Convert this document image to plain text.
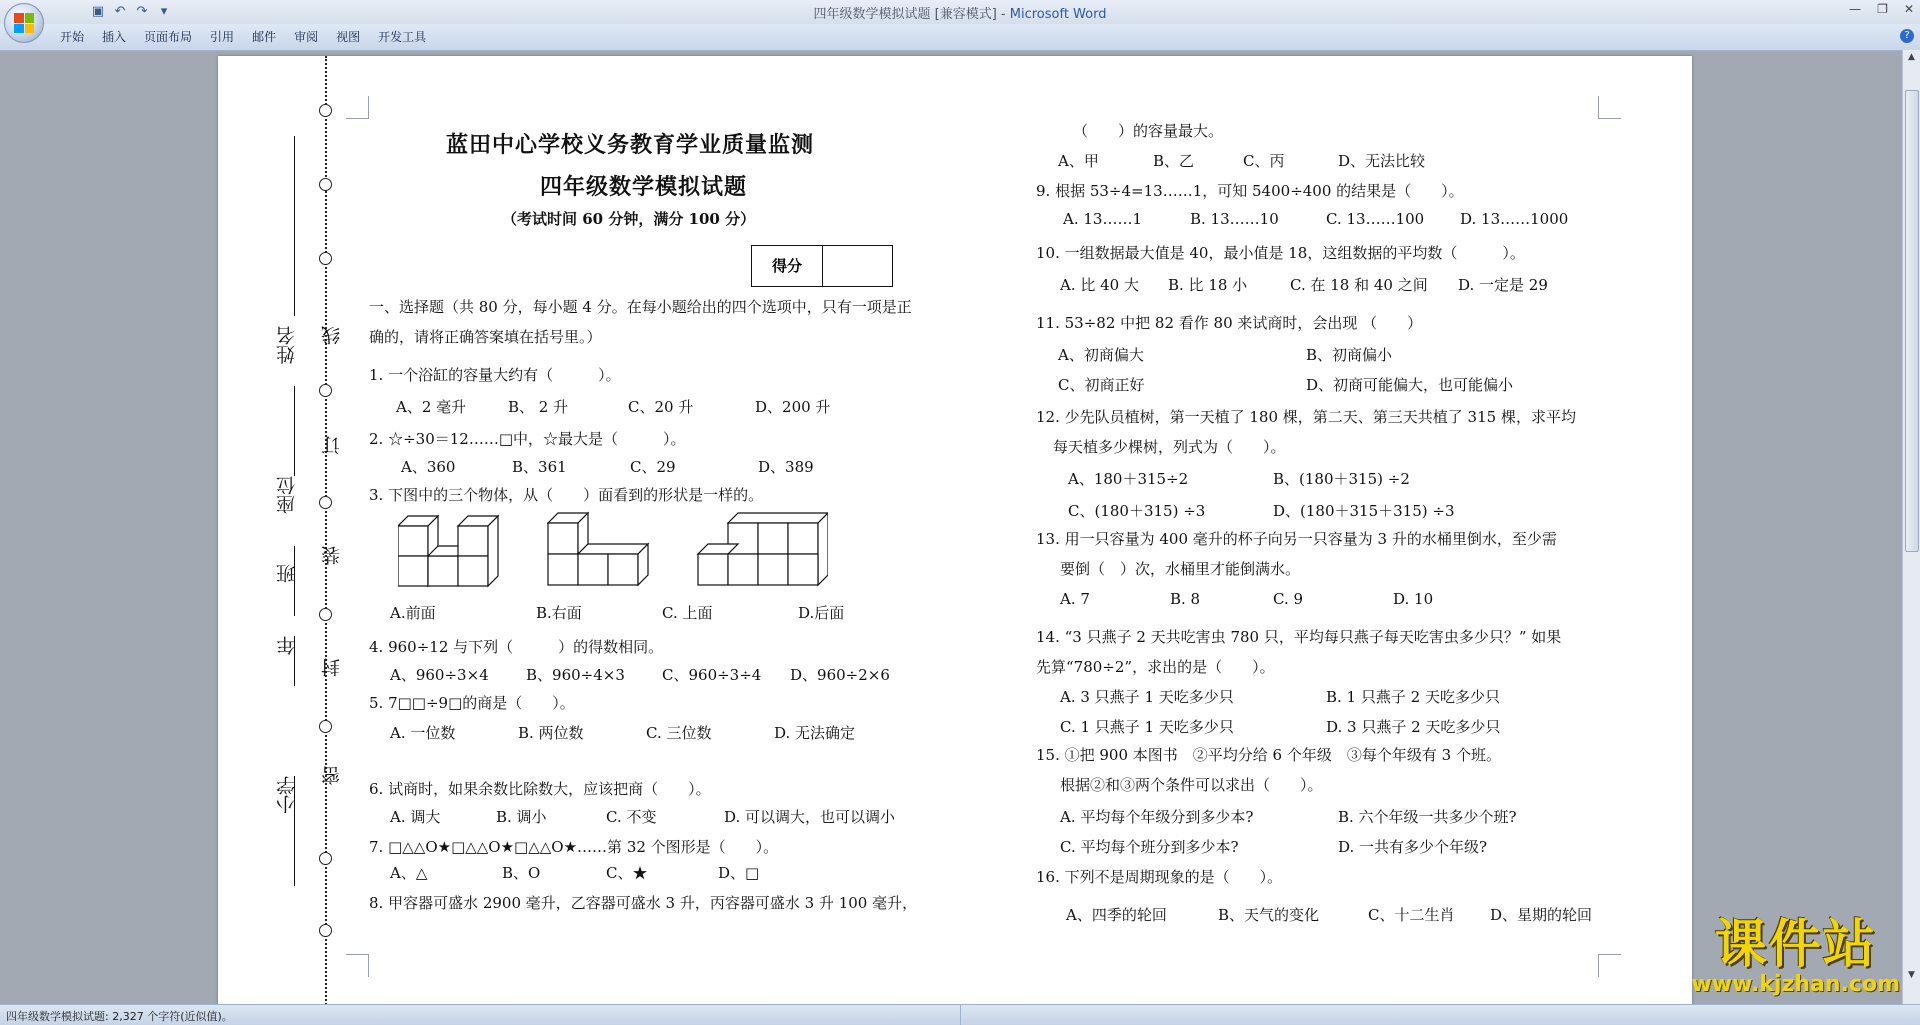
四年级数学模拟试题 [兼容模式] - Microsoft Word
▣ ↶ ↷	▾	— ❐ ✕
开始	插入	页面布局	引用	邮件	审阅	视图	开发工具	?
线
订
装
封
密
姓名
座位
班
年
小学
蓝田中心学校义务教育学业质量监测
四年级数学模拟试题
（考试时间 60 分钟，满分 100 分）
得分
一、选择题（共 80 分，每小题 4 分。在每小题给出的四个选项中，只有一项是正
确的，请将正确答案填在括号里。）
1. 一个浴缸的容量大约有（　　　）。
A、2 毫升	B、 2 升	C、20 升	D、200 升
2. ☆÷30＝12……□中，☆最大是（　　　）。
A、360	B、361	C、29	D、389
3. 下图中的三个物体，从（　　）面看到的形状是一样的。
A.前面	B.右面	C. 上面	D.后面
4. 960÷12 与下列（　　　）的得数相同。
A、960÷3×4 B、960÷4×3 C、960÷3÷4 D、960÷2×6
5. 7□□÷9□的商是（　　）。
A. 一位数	B. 两位数	C. 三位数	D. 无法确定
6. 试商时，如果余数比除数大，应该把商（　　）。
A. 调大	B. 调小	C. 不变	D. 可以调大，也可以调小
7. □△△O★□△△O★□△△O★……第 32 个图形是（　　）。
A、△	B、O	C、★	D、□
8. 甲容器可盛水 2900 毫升，乙容器可盛水 3 升，丙容器可盛水 3 升 100 毫升，
（　　）的容量最大。
A、甲	B、乙	C、丙	D、无法比较
9. 根据 53÷4=13……1，可知 5400÷400 的结果是（　　）。
A. 13……1	B. 13……10	C. 13……100 D. 13……1000
10. 一组数据最大值是 40，最小值是 18，这组数据的平均数（　　　）。
A. 比 40 大 B. 比 18 小	C. 在 18 和 40 之间 D. 一定是 29
11. 53÷82 中把 82 看作 80 来试商时，会出现 （　　）
A、初商偏大	B、初商偏小
C、初商正好	D、初商可能偏大，也可能偏小
12. 少先队员植树，第一天植了 180 棵，第二天、第三天共植了 315 棵，求平均
每天植多少棵树，列式为（　　）。
A、180＋315÷2	B、(180＋315) ÷2
C、(180＋315) ÷3	D、(180＋315＋315) ÷3
13. 用一只容量为 400 毫升的杯子向另一只容量为 3 升的水桶里倒水，至少需
要倒（　）次，水桶里才能倒满水。
A. 7	B. 8	C. 9	D. 10
14. “3 只燕子 2 天共吃害虫 780 只，平均每只燕子每天吃害虫多少只？” 如果
先算“780÷2”，求出的是（　　）。
A. 3 只燕子 1 天吃多少只	B. 1 只燕子 2 天吃多少只
C. 1 只燕子 1 天吃多少只	D. 3 只燕子 2 天吃多少只
15. ①把 900 本图书　②平均分给 6 个年级　③每个年级有 3 个班。
根据②和③两个条件可以求出（　　）。
A. 平均每个年级分到多少本?	B. 六个年级一共多少个班?
C. 平均每个班分到多少本?	D. 一共有多少个年级?
16. 下列不是周期现象的是（　　）。
A、四季的轮回	B、天气的变化	C、十二生肖 D、星期的轮回
▲
▼
课件站
www.kjzhan.com
四年级数学模拟试题: 2,327 个字符(近似值)。
